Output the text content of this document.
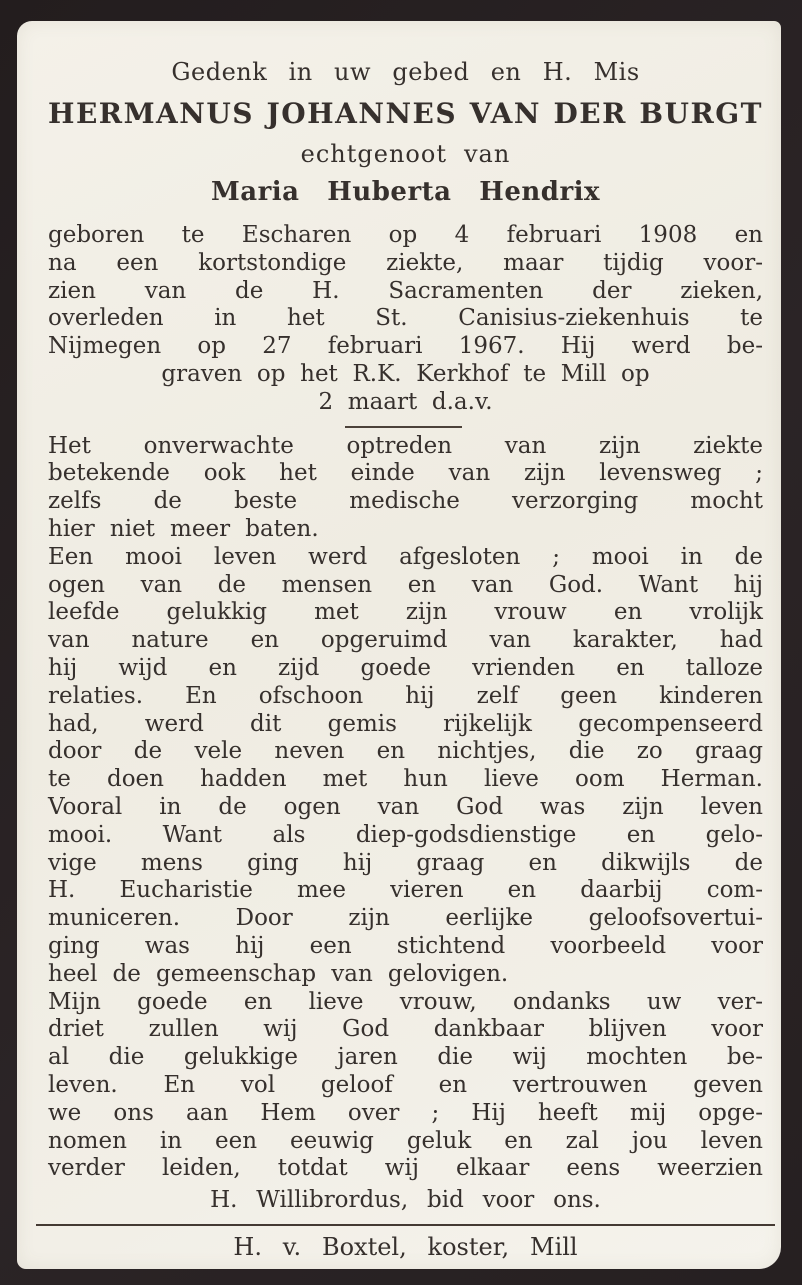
Gedenk in uw gebed en H. Mis
HERMANUS JOHANNES VAN DER BURGT
echtgenoot van
Maria Huberta Hendrix
geboren te Escharen op 4 februari 1908 en
na een kortstondige ziekte, maar tijdig voor-
zien van de H. Sacramenten der zieken,
overleden in het St. Canisius-ziekenhuis te
Nijmegen op 27 februari 1967. Hij werd be-
graven op het R.K. Kerkhof te Mill op
2 maart d.a.v.
Het onverwachte optreden van zijn ziekte
betekende ook het einde van zijn levensweg ;
zelfs de beste medische verzorging mocht
hier niet meer baten.
Een mooi leven werd afgesloten ; mooi in de
ogen van de mensen en van God. Want hij
leefde gelukkig met zijn vrouw en vrolijk
van nature en opgeruimd van karakter, had
hij wijd en zijd goede vrienden en talloze
relaties. En ofschoon hij zelf geen kinderen
had, werd dit gemis rijkelijk gecompenseerd
door de vele neven en nichtjes, die zo graag
te doen hadden met hun lieve oom Herman.
Vooral in de ogen van God was zijn leven
mooi. Want als diep-godsdienstige en gelo-
vige mens ging hij graag en dikwijls de
H. Eucharistie mee vieren en daarbij com-
municeren. Door zijn eerlijke geloofsovertui-
ging was hij een stichtend voorbeeld voor
heel de gemeenschap van gelovigen.
Mijn goede en lieve vrouw, ondanks uw ver-
driet zullen wij God dankbaar blijven voor
al die gelukkige jaren die wij mochten be-
leven. En vol geloof en vertrouwen geven
we ons aan Hem over ; Hij heeft mij opge-
nomen in een eeuwig geluk en zal jou leven
verder leiden, totdat wij elkaar eens weerzien
H. Willibrordus, bid voor ons.
H. v. Boxtel, koster, Mill
